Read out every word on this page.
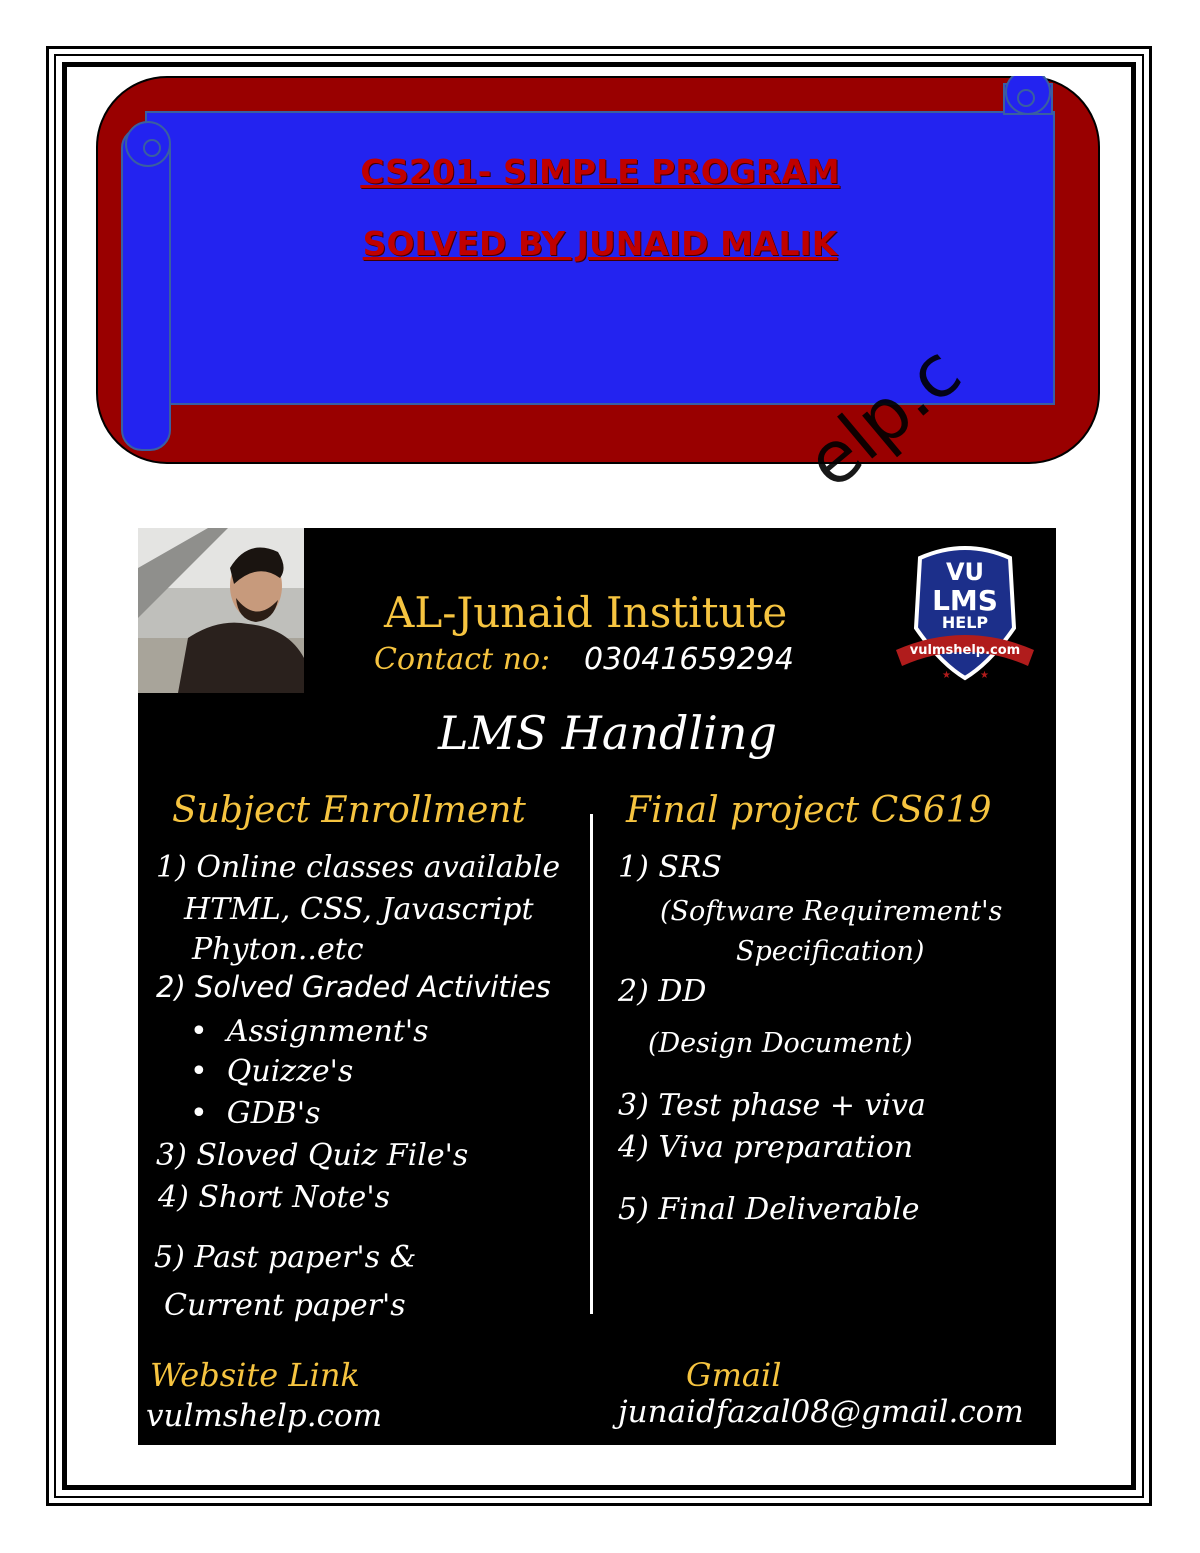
CS201- SIMPLE PROGRAM
SOLVED BY JUNAID MALIK
elp.c
VU
LMS
HELP
vulmshelp.com
★	★
AL-Junaid Institute
Contact no: 03041659294
LMS Handling
Subject Enrollment	Final project CS619
1) Online classes available
HTML, CSS, Javascript
Phyton..etc
2) Solved Graded Activities
•  Assignment's
•  Quizze's
•  GDB's
3) Sloved Quiz File's
4) Short Note's
5) Past paper's &
Current paper's
1) SRS
(Software Requirement's
Specification)
2) DD
(Design Document)
3) Test phase + viva
4) Viva preparation
5) Final Deliverable
Website Link
vulmshelp.com
Gmail
junaidfazal08@gmail.com
